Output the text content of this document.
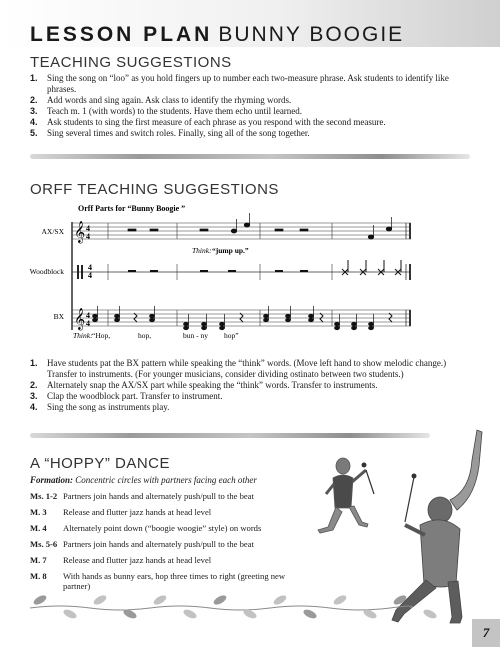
LESSON PLAN BUNNY BOOGIE
TEACHING SUGGESTIONS
1. Sing the song on “loo” as you hold fingers up to number each two-measure phrase. Ask students to identify like phrases.
2. Add words and sing again. Ask class to identify the rhyming words.
3. Teach m. 1 (with words) to the students. Have them echo until learned.
4. Ask students to sing the first measure of each phrase as you respond with the second measure.
5. Sing several times and switch roles. Finally, sing all of the song together.
ORFF TEACHING SUGGESTIONS
Orff Parts for “Bunny Boogie ”
AX/SX
Woodblock
BX
𝄞 4
4
Think: “jump up.”
4
4
𝄞 4
4
Think: “Hop,	hop,	bun - ny hop”
1. Have students pat the BX pattern while speaking the “think” words. (Move left hand to show melodic change.) Transfer to instruments. (For younger musicians, consider dividing ostinato between two students.)
2. Alternately snap the AX/SX part while speaking the “think” words. Transfer to instruments.
3. Clap the woodblock part. Transfer to instrument.
4. Sing the song as instruments play.
A “HOPPY” DANCE
Formation: Concentric circles with partners facing each other
Ms. 1-2 Partners join hands and alternately push/pull to the beat
M. 3	Release and flutter jazz hands at head level
M. 4	Alternately point down (“boogie woogie” style) on words
Ms. 5-6 Partners join hands and alternately push/pull to the beat
M. 7	Release and flutter jazz hands at head level
M. 8	With hands as bunny ears, hop three times to right (greeting new partner)
7
